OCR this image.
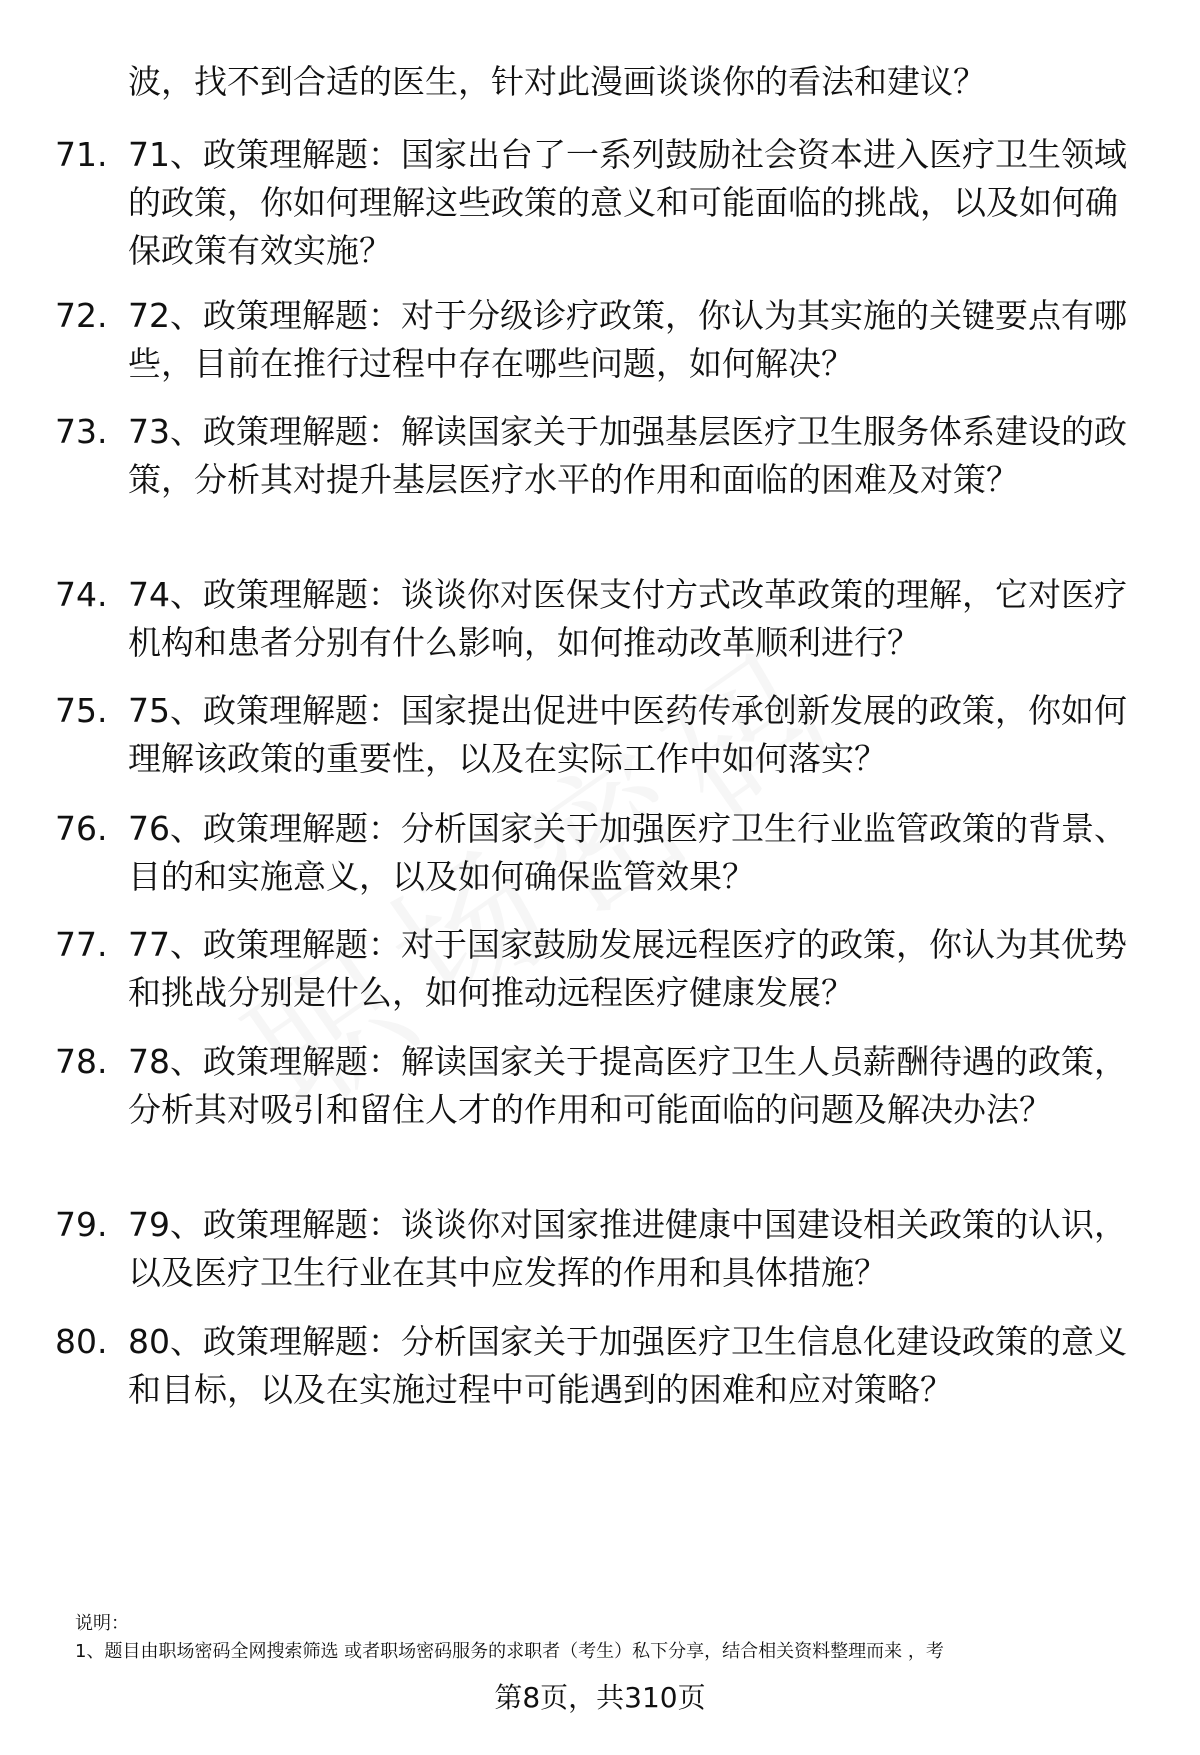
波，找不到合适的医生，针对此漫画谈谈你的看法和建议？

71. 71、政策理解题：国家出台了一系列鼓励社会资本进入医疗卫生领域的政策，你如何理解这些政策的意义和可能面临的挑战，以及如何确保政策有效实施？

72. 72、政策理解题：对于分级诊疗政策，你认为其实施的关键要点有哪些，目前在推行过程中存在哪些问题，如何解决？

73. 73、政策理解题：解读国家关于加强基层医疗卫生服务体系建设的政策，分析其对提升基层医疗水平的作用和面临的困难及对策？

74. 74、政策理解题：谈谈你对医保支付方式改革政策的理解，它对医疗机构和患者分别有什么影响，如何推动改革顺利进行？

75. 75、政策理解题：国家提出促进中医药传承创新发展的政策，你如何理解该政策的重要性，以及在实际工作中如何落实？

76. 76、政策理解题：分析国家关于加强医疗卫生行业监管政策的背景、目的和实施意义，以及如何确保监管效果？

77. 77、政策理解题：对于国家鼓励发展远程医疗的政策，你认为其优势和挑战分别是什么，如何推动远程医疗健康发展？

78. 78、政策理解题：解读国家关于提高医疗卫生人员薪酬待遇的政策，分析其对吸引和留住人才的作用和可能面临的问题及解决办法？

79. 79、政策理解题：谈谈你对国家推进健康中国建设相关政策的认识，以及医疗卫生行业在其中应发挥的作用和具体措施？

80. 80、政策理解题：分析国家关于加强医疗卫生信息化建设政策的意义和目标，以及在实施过程中可能遇到的困难和应对策略？

说明：

1、题目由职场密码全网搜索筛选 或者职场密码服务的求职者（考生）私下分享，结合相关资料整理而来 ，考

第8页，共310页
